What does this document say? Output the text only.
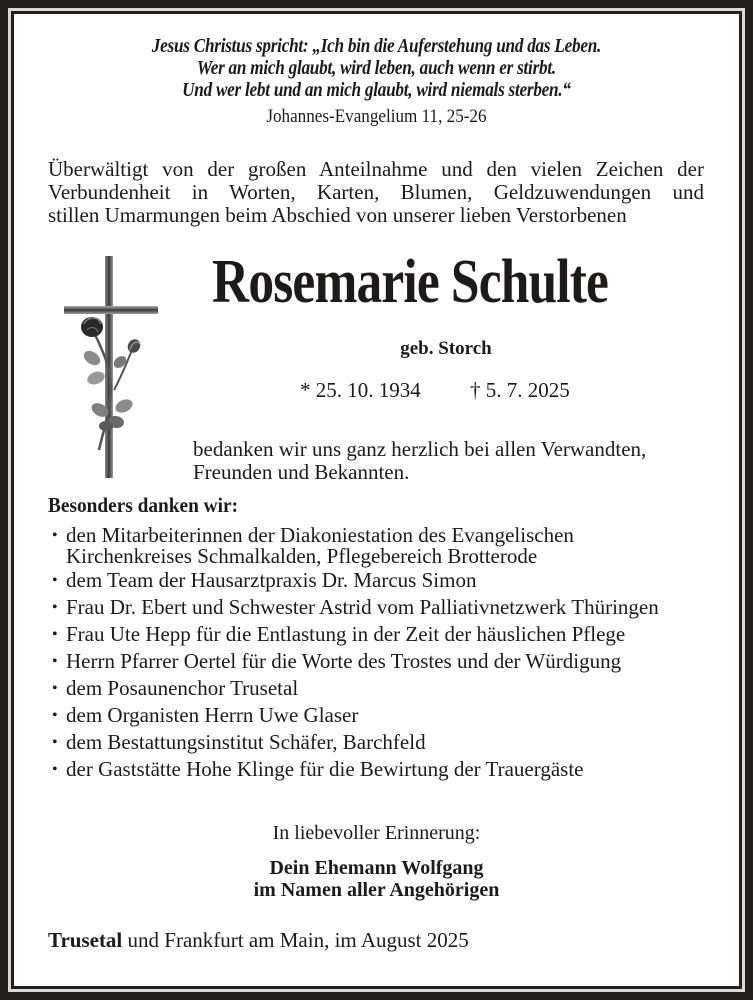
Jesus Christus spricht: „Ich bin die Auferstehung und das Leben.
Wer an mich glaubt, wird leben, auch wenn er stirbt.
Und wer lebt und an mich glaubt, wird niemals sterben.“
Johannes-Evangelium 11, 25-26
Überwältigt von der großen Anteilnahme und den vielen Zeichen der
Verbundenheit in Worten, Karten, Blumen, Geldzuwendungen und
stillen Umarmungen beim Abschied von unserer lieben Verstorbenen
Rosemarie Schulte
geb. Storch
* 25. 10. 1934 † 5. 7. 2025
bedanken wir uns ganz herzlich bei allen Verwandten,
Freunden und Bekannten.
Besonders danken wir:
• den Mitarbeiterinnen der Diakoniestation des Evangelischen
Kirchenkreises Schmalkalden, Pflegebereich Brotterode
• dem Team der Hausarztpraxis Dr. Marcus Simon
• Frau Dr. Ebert und Schwester Astrid vom Palliativnetzwerk Thüringen
• Frau Ute Hepp für die Entlastung in der Zeit der häuslichen Pflege
• Herrn Pfarrer Oertel für die Worte des Trostes und der Würdigung
• dem Posaunenchor Trusetal
• dem Organisten Herrn Uwe Glaser
• dem Bestattungsinstitut Schäfer, Barchfeld
• der Gaststätte Hohe Klinge für die Bewirtung der Trauergäste
In liebevoller Erinnerung:
Dein Ehemann Wolfgang
im Namen aller Angehörigen
Trusetal und Frankfurt am Main, im August 2025
